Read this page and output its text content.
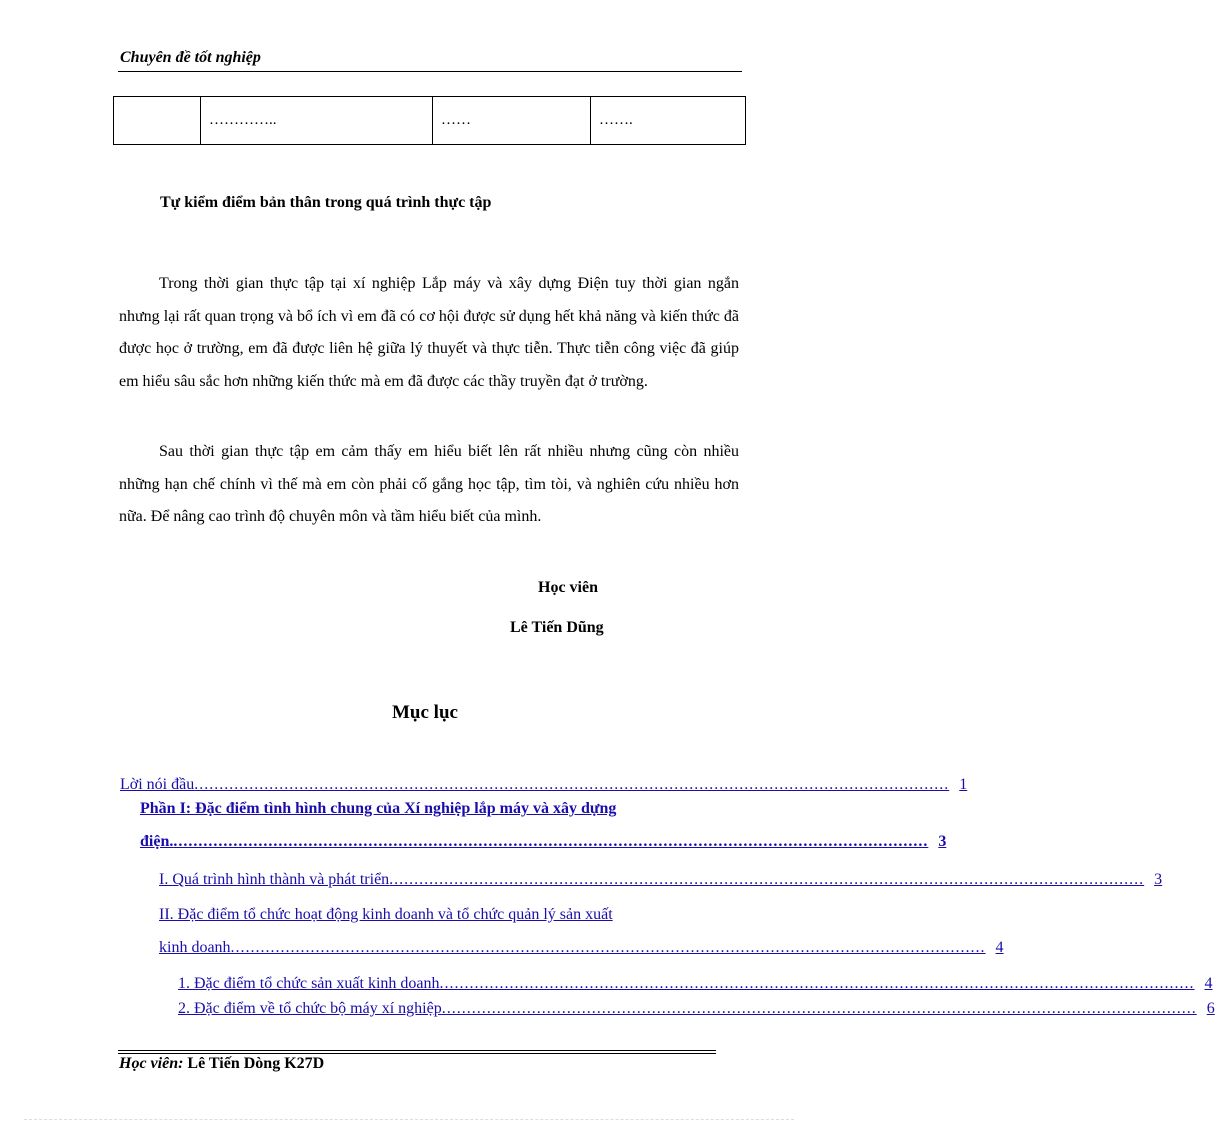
Chuyên đề tốt nghiệp
	…………..	……	…….
Tự kiểm điểm bản thân trong quá trình thực tập
Trong thời gian thực tập tại xí nghiệp Lắp máy và xây dựng Điện tuy thời gian ngắn nhưng lại rất quan trọng và bổ ích vì em đã có cơ hội được sử dụng hết khả năng và kiến thức đã được học ở trường, em đã được liên hệ giữa lý thuyết và thực tiễn. Thực tiễn công việc đã giúp em hiểu sâu sắc hơn những kiến thức mà em đã được các thầy truyền đạt ở trường.
Sau thời gian thực tập em cảm thấy em hiểu biết lên rất nhiều nhưng cũng còn nhiều những hạn chế chính vì thế mà em còn phải cố gắng học tập, tìm tòi, và nghiên cứu nhiều hơn nữa. Để nâng cao trình độ chuyên môn và tầm hiểu biết của mình.
Học viên
Lê Tiến Dũng
Mục lục
Lời nói đầu ....................................................................................................................................................... 1
Phần I: Đặc điểm tình hình chung của Xí nghiệp lắp máy và xây dựng
điện. ....................................................................................................................................................... 3
I. Quá trình hình thành và phát triển ....................................................................................................................................................... 3
II. Đặc điểm tổ chức hoạt động kinh doanh và tổ chức quản lý sản xuất
kinh doanh ....................................................................................................................................................... 4
1. Đặc điểm tổ chức sản xuất kinh doanh ....................................................................................................................................................... 4
2. Đặc điểm về tổ chức bộ máy xí nghiệp ....................................................................................................................................................... 6
Học viên: Lê Tiến Dòng K27D
